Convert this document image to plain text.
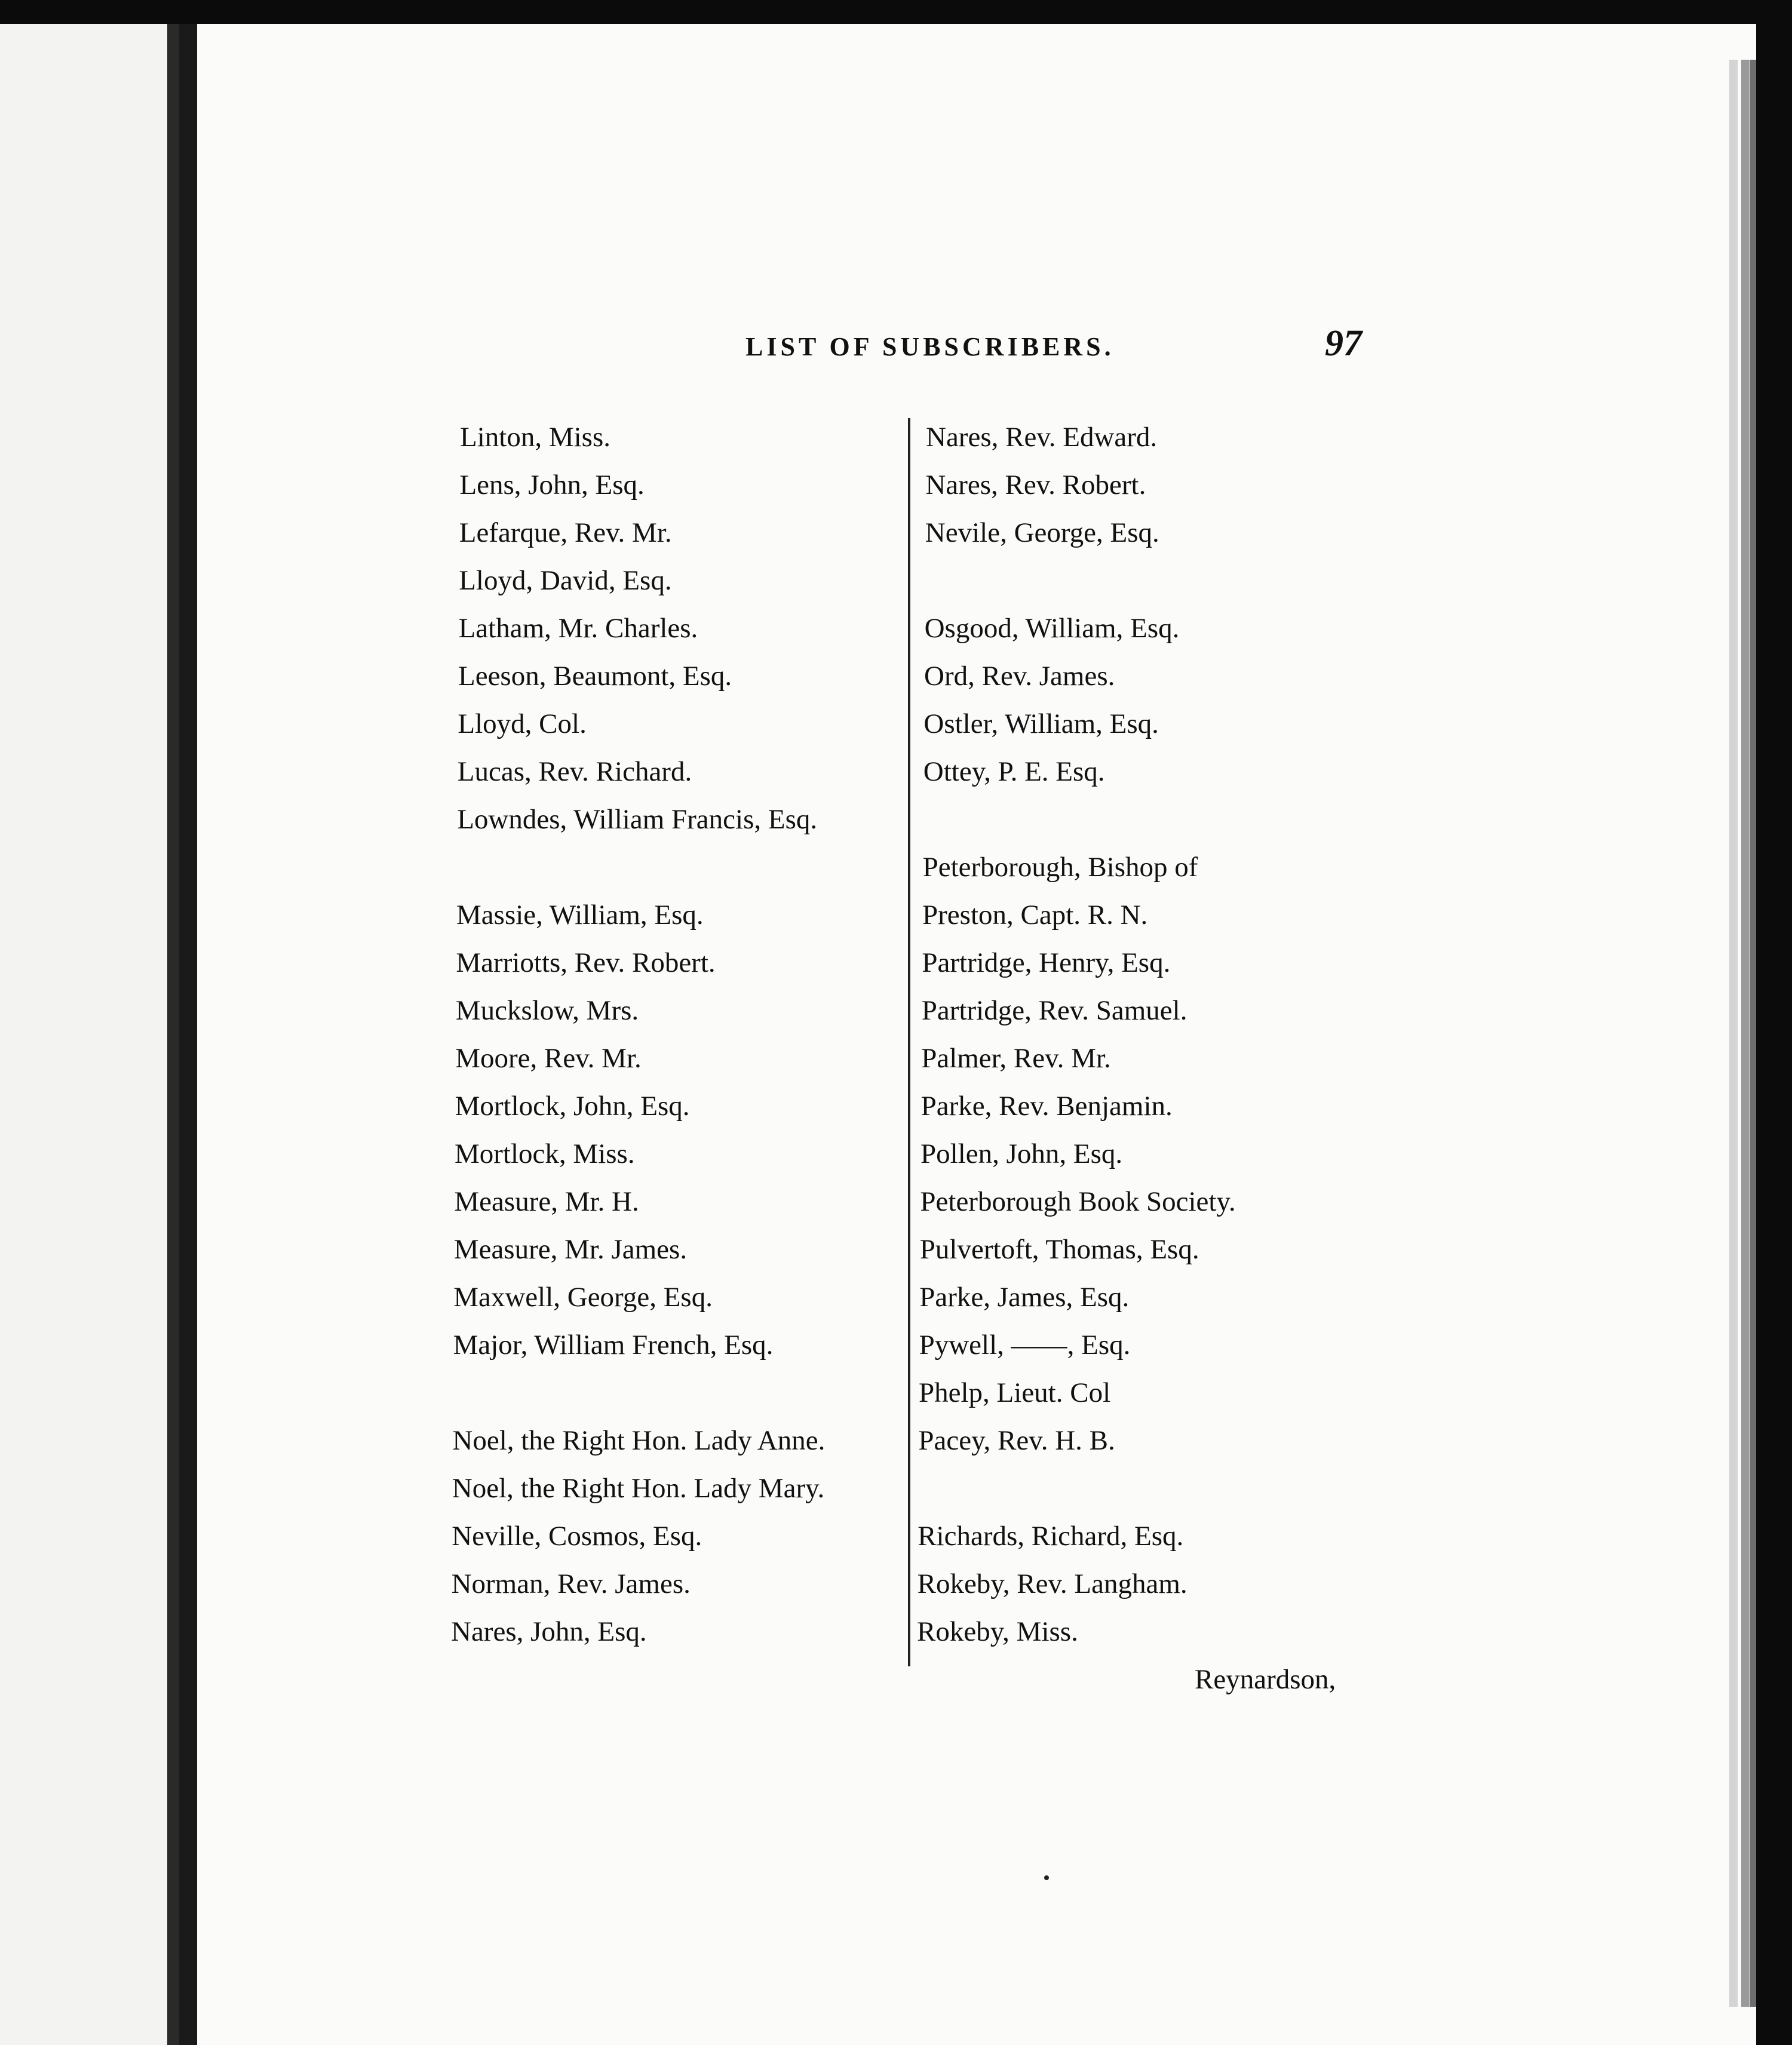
LIST OF SUBSCRIBERS.	97
Reynardson,
Linton, Miss.
Lens, John, Esq.
Lefarque, Rev. Mr.
Lloyd, David, Esq.
Latham, Mr. Charles.
Leeson, Beaumont, Esq.
Lloyd, Col.
Lucas, Rev. Richard.
Lowndes, William Francis, Esq.
Massie, William, Esq.
Marriotts, Rev. Robert.
Muckslow, Mrs.
Moore, Rev. Mr.
Mortlock, John, Esq.
Mortlock, Miss.
Measure, Mr. H.
Measure, Mr. James.
Maxwell, George, Esq.
Major, William French, Esq.
Noel, the Right Hon. Lady Anne.
Noel, the Right Hon. Lady Mary.
Neville, Cosmos, Esq.
Norman, Rev. James.
Nares, John, Esq.
Nares, Rev. Edward.
Nares, Rev. Robert.
Nevile, George, Esq.
Osgood, William, Esq.
Ord, Rev. James.
Ostler, William, Esq.
Ottey, P. E. Esq.
Peterborough, Bishop of
Preston, Capt. R. N.
Partridge, Henry, Esq.
Partridge, Rev. Samuel.
Palmer, Rev. Mr.
Parke, Rev. Benjamin.
Pollen, John, Esq.
Peterborough Book Society.
Pulvertoft, Thomas, Esq.
Parke, James, Esq.
Pywell, ——, Esq.
Phelp, Lieut. Col
Pacey, Rev. H. B.
Richards, Richard, Esq.
Rokeby, Rev. Langham.
Rokeby, Miss.
